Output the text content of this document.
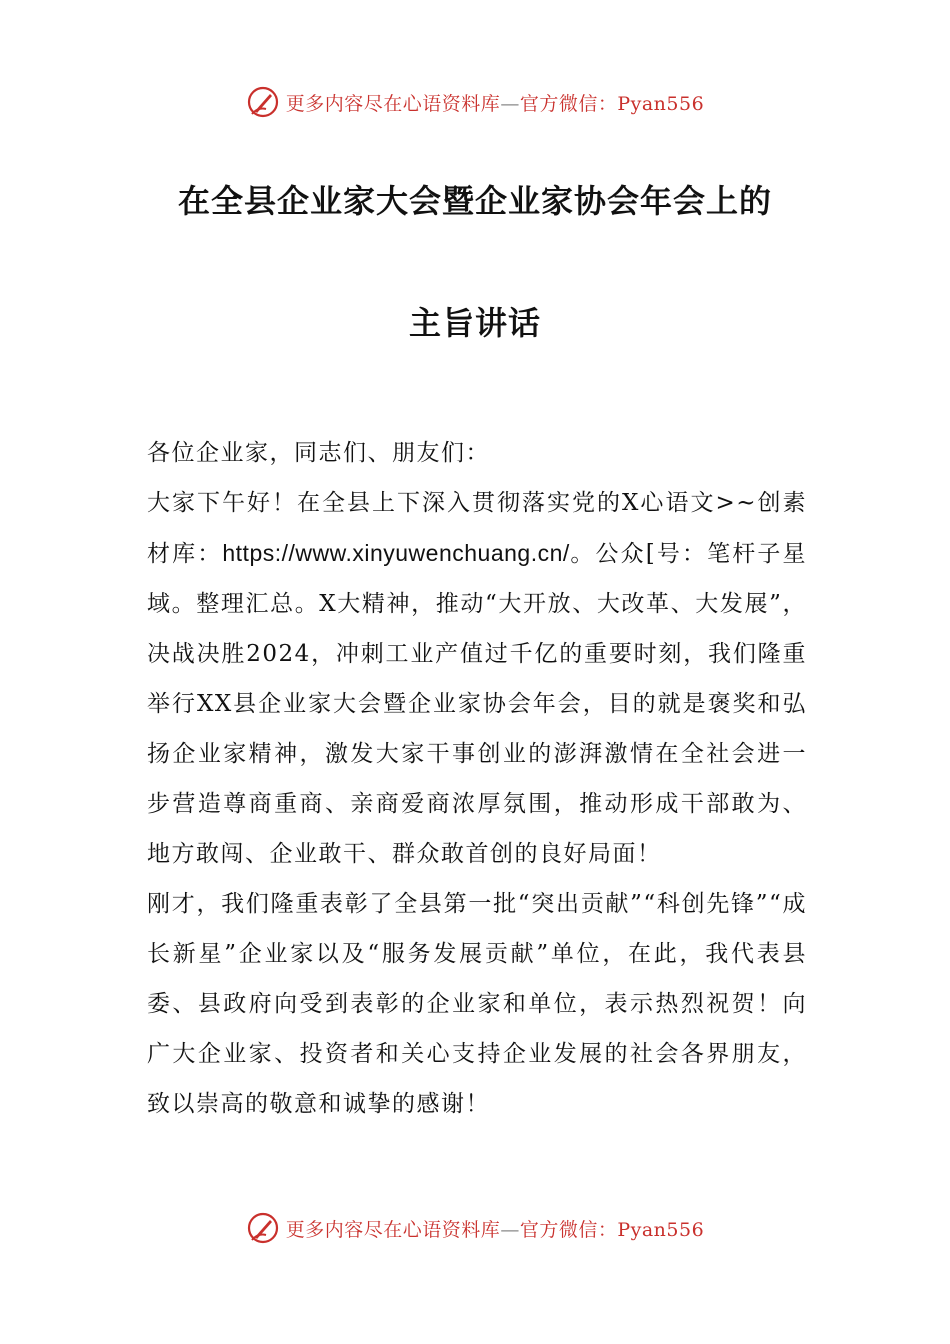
更多内容尽在心语资料库—官方微信：Pyan556
在全县企业家大会暨企业家协会年会上的
主旨讲话

各位企业家，同志们、朋友们：

大家下午好！在全县上下深入贯彻落实党的X心语文>~创素材库：https://www.xinyuwenchuang.cn/。公众[号：笔杆子星域。整理汇总。X大精神，推动“大开放、大改革、大发展”，决战决胜2024，冲刺工业产值过千亿的重要时刻，我们隆重举行XX县企业家大会暨企业家协会年会，目的就是褒奖和弘扬企业家精神，激发大家干事创业的澎湃激情在全社会进一步营造尊商重商、亲商爱商浓厚氛围，推动形成干部敢为、地方敢闯、企业敢干、群众敢首创的良好局面！

刚才，我们隆重表彰了全县第一批“突出贡献”“科创先锋”“成长新星”企业家以及“服务发展贡献”单位，在此，我代表县委、县政府向受到表彰的企业家和单位，表示热烈祝贺！向广大企业家、投资者和关心支持企业发展的社会各界朋友，致以崇高的敬意和诚挚的感谢！

更多内容尽在心语资料库—官方微信：Pyan556
